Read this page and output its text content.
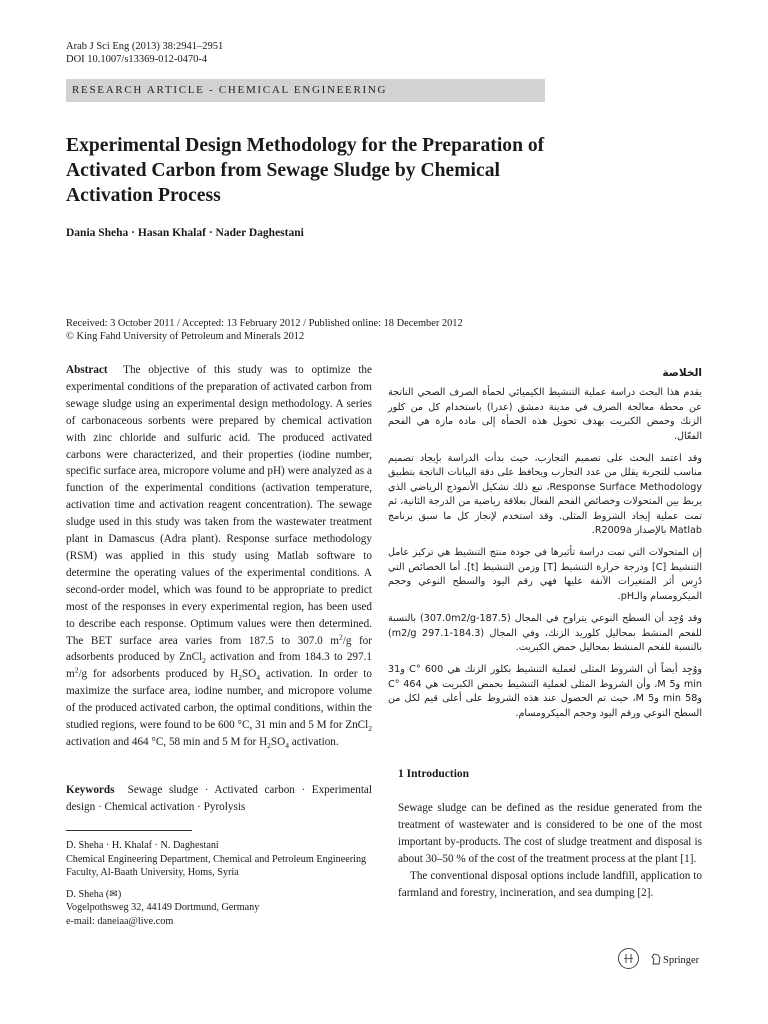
Arab J Sci Eng (2013) 38:2941–2951
DOI 10.1007/s13369-012-0470-4
RESEARCH ARTICLE - CHEMICAL ENGINEERING
Experimental Design Methodology for the Preparation of Activated Carbon from Sewage Sludge by Chemical Activation Process
Dania Sheha · Hasan Khalaf · Nader Daghestani
Received: 3 October 2011 / Accepted: 13 February 2012 / Published online: 18 December 2012
© King Fahd University of Petroleum and Minerals 2012

Abstract The objective of this study was to optimize the experimental conditions of the preparation of activated carbon from sewage sludge using an experimental design methodology. A series of carbonaceous sorbents were prepared by chemical activation with zinc chloride and sulfuric acid. The produced activated carbons were characterized, and their properties (iodine number, specific surface area, micropore volume and pH) were analyzed as a function of the experimental conditions (activation temperature, activation time and activation reagent concentration). The sewage sludge used in this study was taken from the wastewater treatment plant in Damascus (Adra plant). Response surface methodology (RSM) was applied in this study using Matlab software to determine the operating values of the experimental conditions. A second-order model, which was found to be appropriate to predict most of the responses in every experimental region, has been used to describe each response. Optimum values were then determined. The BET surface area varies from 187.5 to 307.0 $m^2/g$ for adsorbents produced by ZnCl$_2$ activation and from 184.3 to 297.1 $m^2/g$ for adsorbents produced by $H_2SO_4$ activation. In order to maximize the surface area, iodine number, and micropore volume of the produced activated carbon, the optimal conditions, within the studied regions, were found to be 600 °C, 31 min and 5 M for ZnCl$_2$ activation and 464 °C, 58 min and 5 M for $H_2SO_4$ activation.

Keywords Sewage sludge · Activated carbon · Experimental design · Chemical activation · Pyrolysis

D. Sheha · H. Khalaf · N. Daghestani
Chemical Engineering Department, Chemical and Petroleum Engineering Faculty, Al-Baath University, Homs, Syria
D. Sheha (✉)
Vogelpothsweg 32, 44149 Dortmund, Germany
e-mail: daneiaa@live.com

الخلاصة

يقدم هذا البحث دراسة عملية التنشيط الكيميائي لحمأة الصرف الصحي الناتجة عن محطة معالجة الصرف في مدينة دمشق (عدرا) باستخدام كل من كلور الزنك وحمض الكبريت بهدف تحويل هذه الحمأة إلى مادة مازة هي الفحم الفعّال.

وقد اعتمد البحث على تصميم التجارب، حيث بدأت الدراسة بإيجاد تصميم مناسب للتجربة يقلل من عدد التجارب ويحافظ على دقة البيانات الناتجة بتطبيق Response Surface Methodology، تبع ذلك تشكيل الأنموذج الرياضي الذي يربط بين المتحولات وخصائص الفحم الفعال بعلاقة رياضية من الدرجة الثانية، ثم تمت عملية إيجاد الشروط المثلى. وقد استخدم لإنجاز كل ما سبق برنامج Matlab بالإصدار R2009a.

إن المتحولات التي تمت دراسة تأثيرها في جودة منتج التنشيط هي تركيز عامل التنشيط [C] ودرجة حرارة التنشيط [T] وزمن التنشيط [t]. أما الخصائص التي دُرِس أثر المتغيرات الآنفة عليها فهي رقم اليود والسطح النوعي وحجم الميكرومسام والـpH.

وقد وُجِد أن السطح النوعي يتراوح في المجال (187.5-307.0m2/g) بالنسبة للفحم المنشط بمحاليل كلوريد الزنك، وفي المجال (184.3-297.1 m2/g) بالنسبة للفحم المنشط بمحاليل حمض الكبريت.

ووُجِد أيضاً أن الشروط المثلى لعملية التنشيط بكلور الزنك هي 600 °C و31 min و5 M، وأن الشروط المثلى لعملية التنشيط بحمض الكبريت هي 464 °C و58 min و5 M، حيث تم الحصول عند هذه الشروط على أعلى قيم لكل من السطح النوعي ورقم اليود وحجم الميكرومسام.

1 Introduction

Sewage sludge can be defined as the residue generated from the treatment of wastewater and is considered to be one of the most important by-products. The cost of sludge treatment and disposal is about 30–50 % of the cost of the treatment process at the plant [1].

The conventional disposal options include landfill, application to farmland and forestry, incineration, and sea dumping [2].

Springer
